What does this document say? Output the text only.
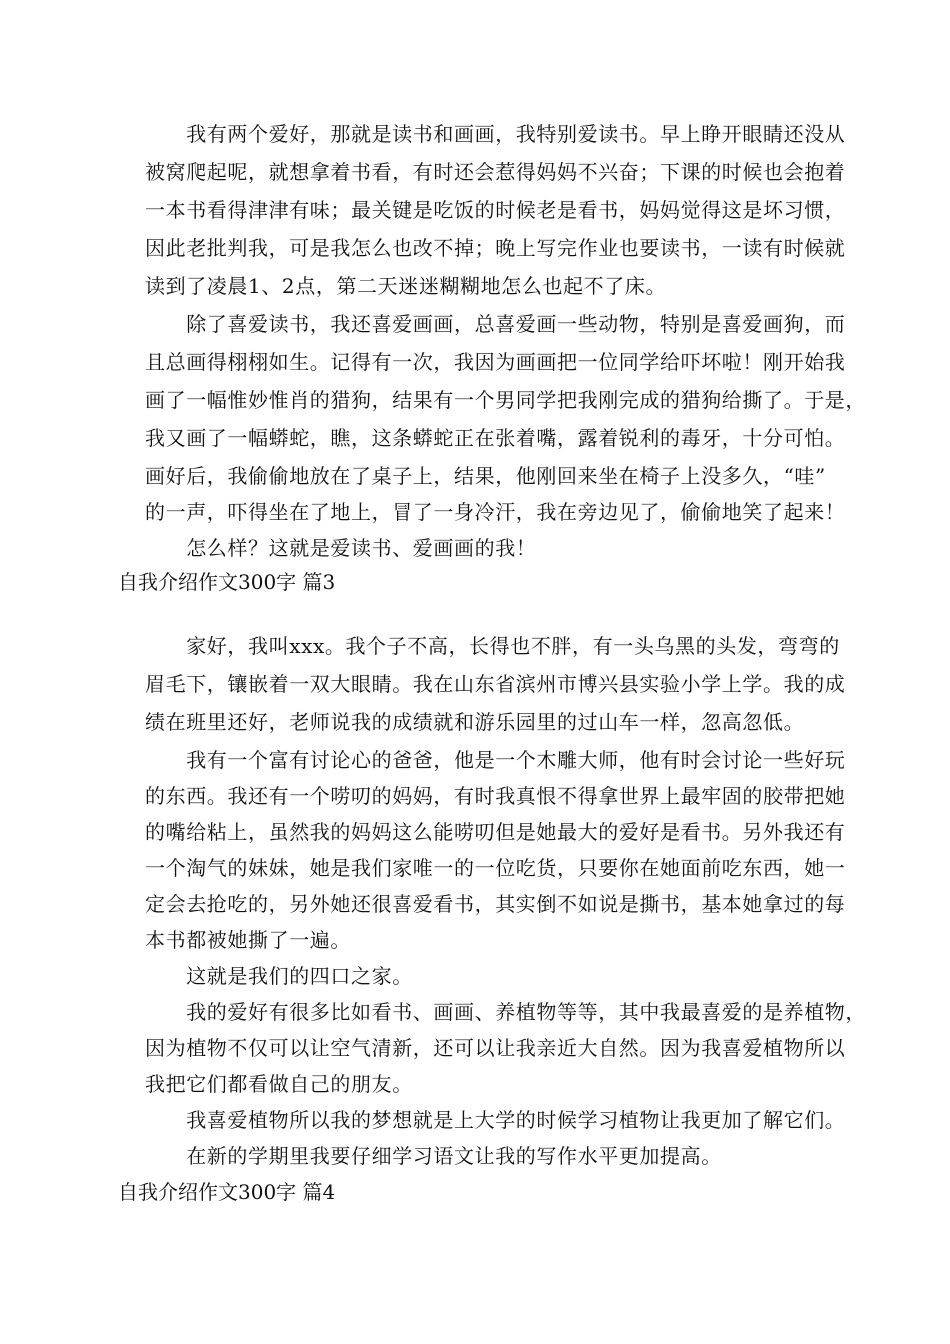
　　我有两个爱好，那就是读书和画画，我特别爱读书。早上睁开眼睛还没从
被窝爬起呢，就想拿着书看，有时还会惹得妈妈不兴奋；下课的时候也会抱着
一本书看得津津有味；最关键是吃饭的时候老是看书，妈妈觉得这是坏习惯，
因此老批判我，可是我怎么也改不掉；晚上写完作业也要读书，一读有时候就
读到了凌晨1、2点，第二天迷迷糊糊地怎么也起不了床。
　　除了喜爱读书，我还喜爱画画，总喜爱画一些动物，特别是喜爱画狗，而
且总画得栩栩如生。记得有一次，我因为画画把一位同学给吓坏啦！刚开始我
画了一幅惟妙惟肖的猎狗，结果有一个男同学把我刚完成的猎狗给撕了。于是，
我又画了一幅蟒蛇，瞧，这条蟒蛇正在张着嘴，露着锐利的毒牙，十分可怕。
画好后，我偷偷地放在了桌子上，结果，他刚回来坐在椅子上没多久，“哇”
的一声，吓得坐在了地上，冒了一身冷汗，我在旁边见了，偷偷地笑了起来！
　　怎么样？这就是爱读书、爱画画的我！
自我介绍作文300字 篇3
　　家好，我叫xxx。我个子不高，长得也不胖，有一头乌黑的头发，弯弯的
眉毛下，镶嵌着一双大眼睛。我在山东省滨州市博兴县实验小学上学。我的成
绩在班里还好，老师说我的成绩就和游乐园里的过山车一样，忽高忽低。
　　我有一个富有讨论心的爸爸，他是一个木雕大师，他有时会讨论一些好玩
的东西。我还有一个唠叨的妈妈，有时我真恨不得拿世界上最牢固的胶带把她
的嘴给粘上，虽然我的妈妈这么能唠叨但是她最大的爱好是看书。另外我还有
一个淘气的妹妹，她是我们家唯一的一位吃货，只要你在她面前吃东西，她一
定会去抢吃的，另外她还很喜爱看书，其实倒不如说是撕书，基本她拿过的每
本书都被她撕了一遍。
　　这就是我们的四口之家。
　　我的爱好有很多比如看书、画画、养植物等等，其中我最喜爱的是养植物，
因为植物不仅可以让空气清新，还可以让我亲近大自然。因为我喜爱植物所以
我把它们都看做自己的朋友。
　　我喜爱植物所以我的梦想就是上大学的时候学习植物让我更加了解它们。
　　在新的学期里我要仔细学习语文让我的写作水平更加提高。
自我介绍作文300字 篇4
